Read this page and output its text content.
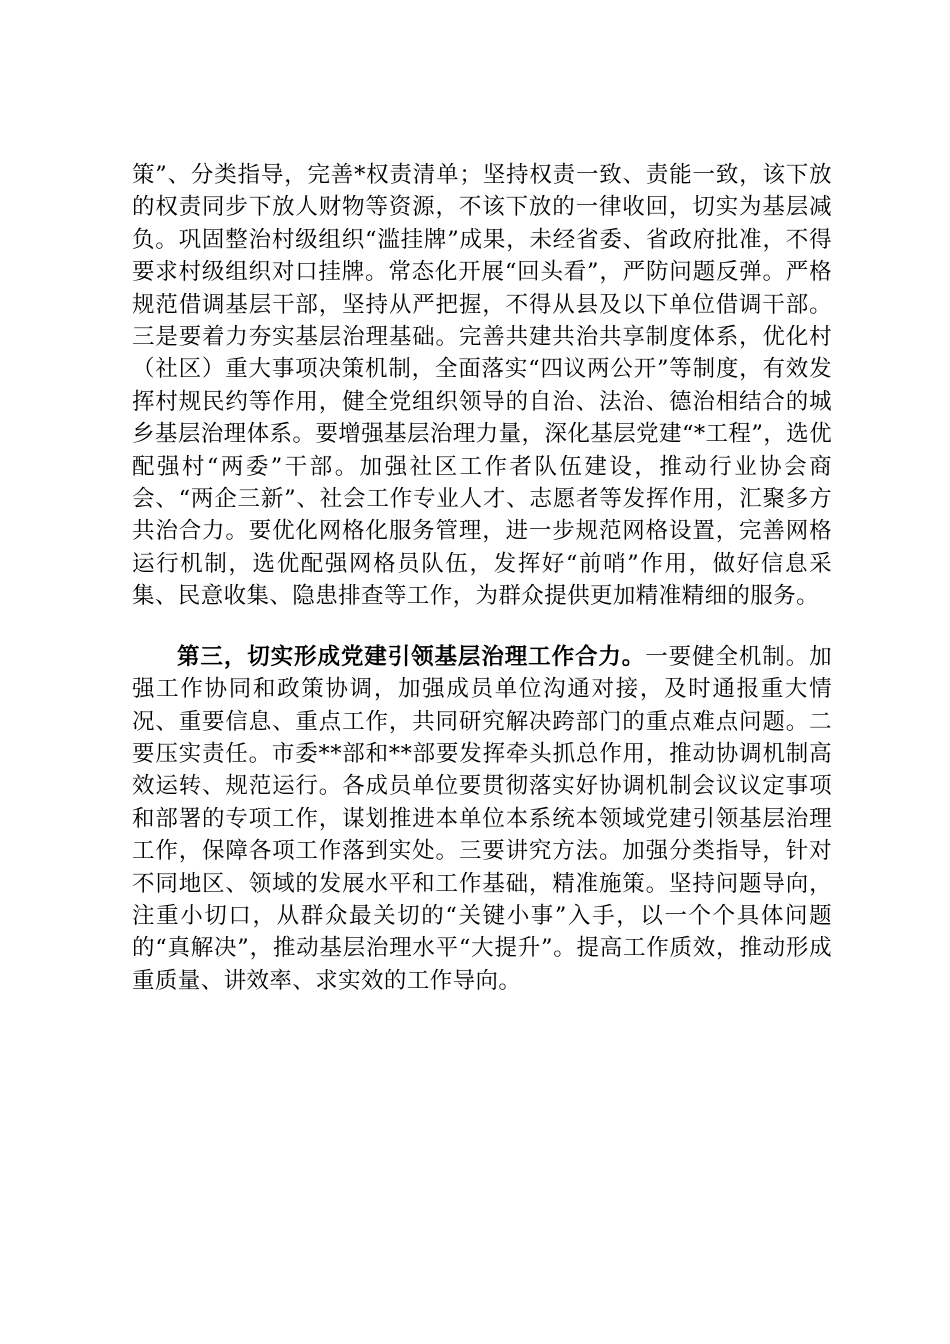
策”、分类指导，完善*权责清单；坚持权责一致、责能一致，该下放的权责同步下放人财物等资源，不该下放的一律收回，切实为基层减负。巩固整治村级组织“滥挂牌”成果，未经省委、省政府批准，不得要求村级组织对口挂牌。常态化开展“回头看”，严防问题反弹。严格规范借调基层干部，坚持从严把握，不得从县及以下单位借调干部。三是要着力夯实基层治理基础。完善共建共治共享制度体系，优化村（社区）重大事项决策机制，全面落实“四议两公开”等制度，有效发挥村规民约等作用，健全党组织领导的自治、法治、德治相结合的城乡基层治理体系。要增强基层治理力量，深化基层党建“*工程”，选优配强村“两委”干部。加强社区工作者队伍建设，推动行业协会商会、“两企三新”、社会工作专业人才、志愿者等发挥作用，汇聚多方共治合力。要优化网格化服务管理，进一步规范网格设置，完善网格运行机制，选优配强网格员队伍，发挥好“前哨”作用，做好信息采集、民意收集、隐患排查等工作，为群众提供更加精准精细的服务。

第三，切实形成党建引领基层治理工作合力。一要健全机制。加强工作协同和政策协调，加强成员单位沟通对接，及时通报重大情况、重要信息、重点工作，共同研究解决跨部门的重点难点问题。二要压实责任。市委**部和**部要发挥牵头抓总作用，推动协调机制高效运转、规范运行。各成员单位要贯彻落实好协调机制会议议定事项和部署的专项工作，谋划推进本单位本系统本领域党建引领基层治理工作，保障各项工作落到实处。三要讲究方法。加强分类指导，针对不同地区、领域的发展水平和工作基础，精准施策。坚持问题导向，注重小切口，从群众最关切的“关键小事”入手，以一个个具体问题的“真解决”，推动基层治理水平“大提升”。提高工作质效，推动形成重质量、讲效率、求实效的工作导向。
